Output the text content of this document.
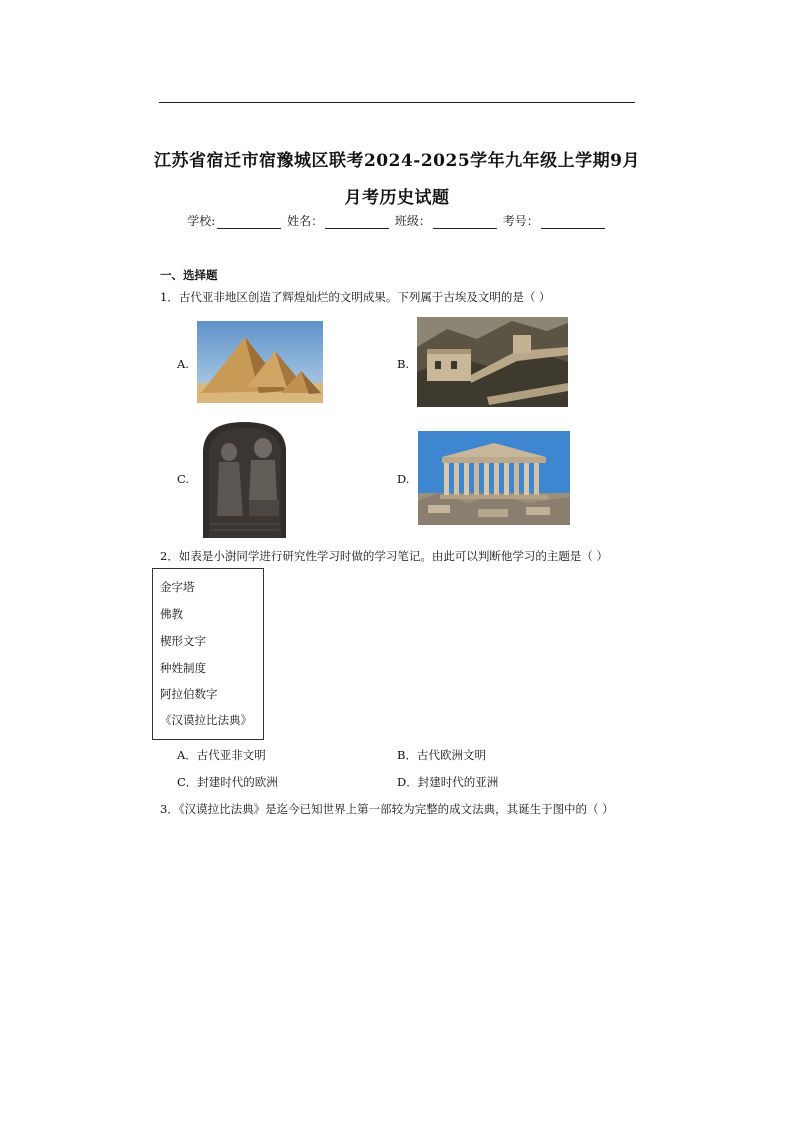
江苏省宿迁市宿豫城区联考2024-2025学年九年级上学期9月
月考历史试题
学校:	姓名：	班级：	考号：
一、选择题
1．古代亚非地区创造了辉煌灿烂的文明成果。下列属于古埃及文明的是（ ）
A.	B.
C.	D.
2．如表是小澍同学进行研究性学习时做的学习笔记。由此可以判断他学习的主题是（ ）
金字塔
佛教
楔形文字
种姓制度
阿拉伯数字
《汉谟拉比法典》
A．古代亚非文明	B．古代欧洲文明
C．封建时代的欧洲	D．封建时代的亚洲
3．《汉谟拉比法典》是迄今已知世界上第一部较为完整的成文法典，其诞生于图中的（ ）
